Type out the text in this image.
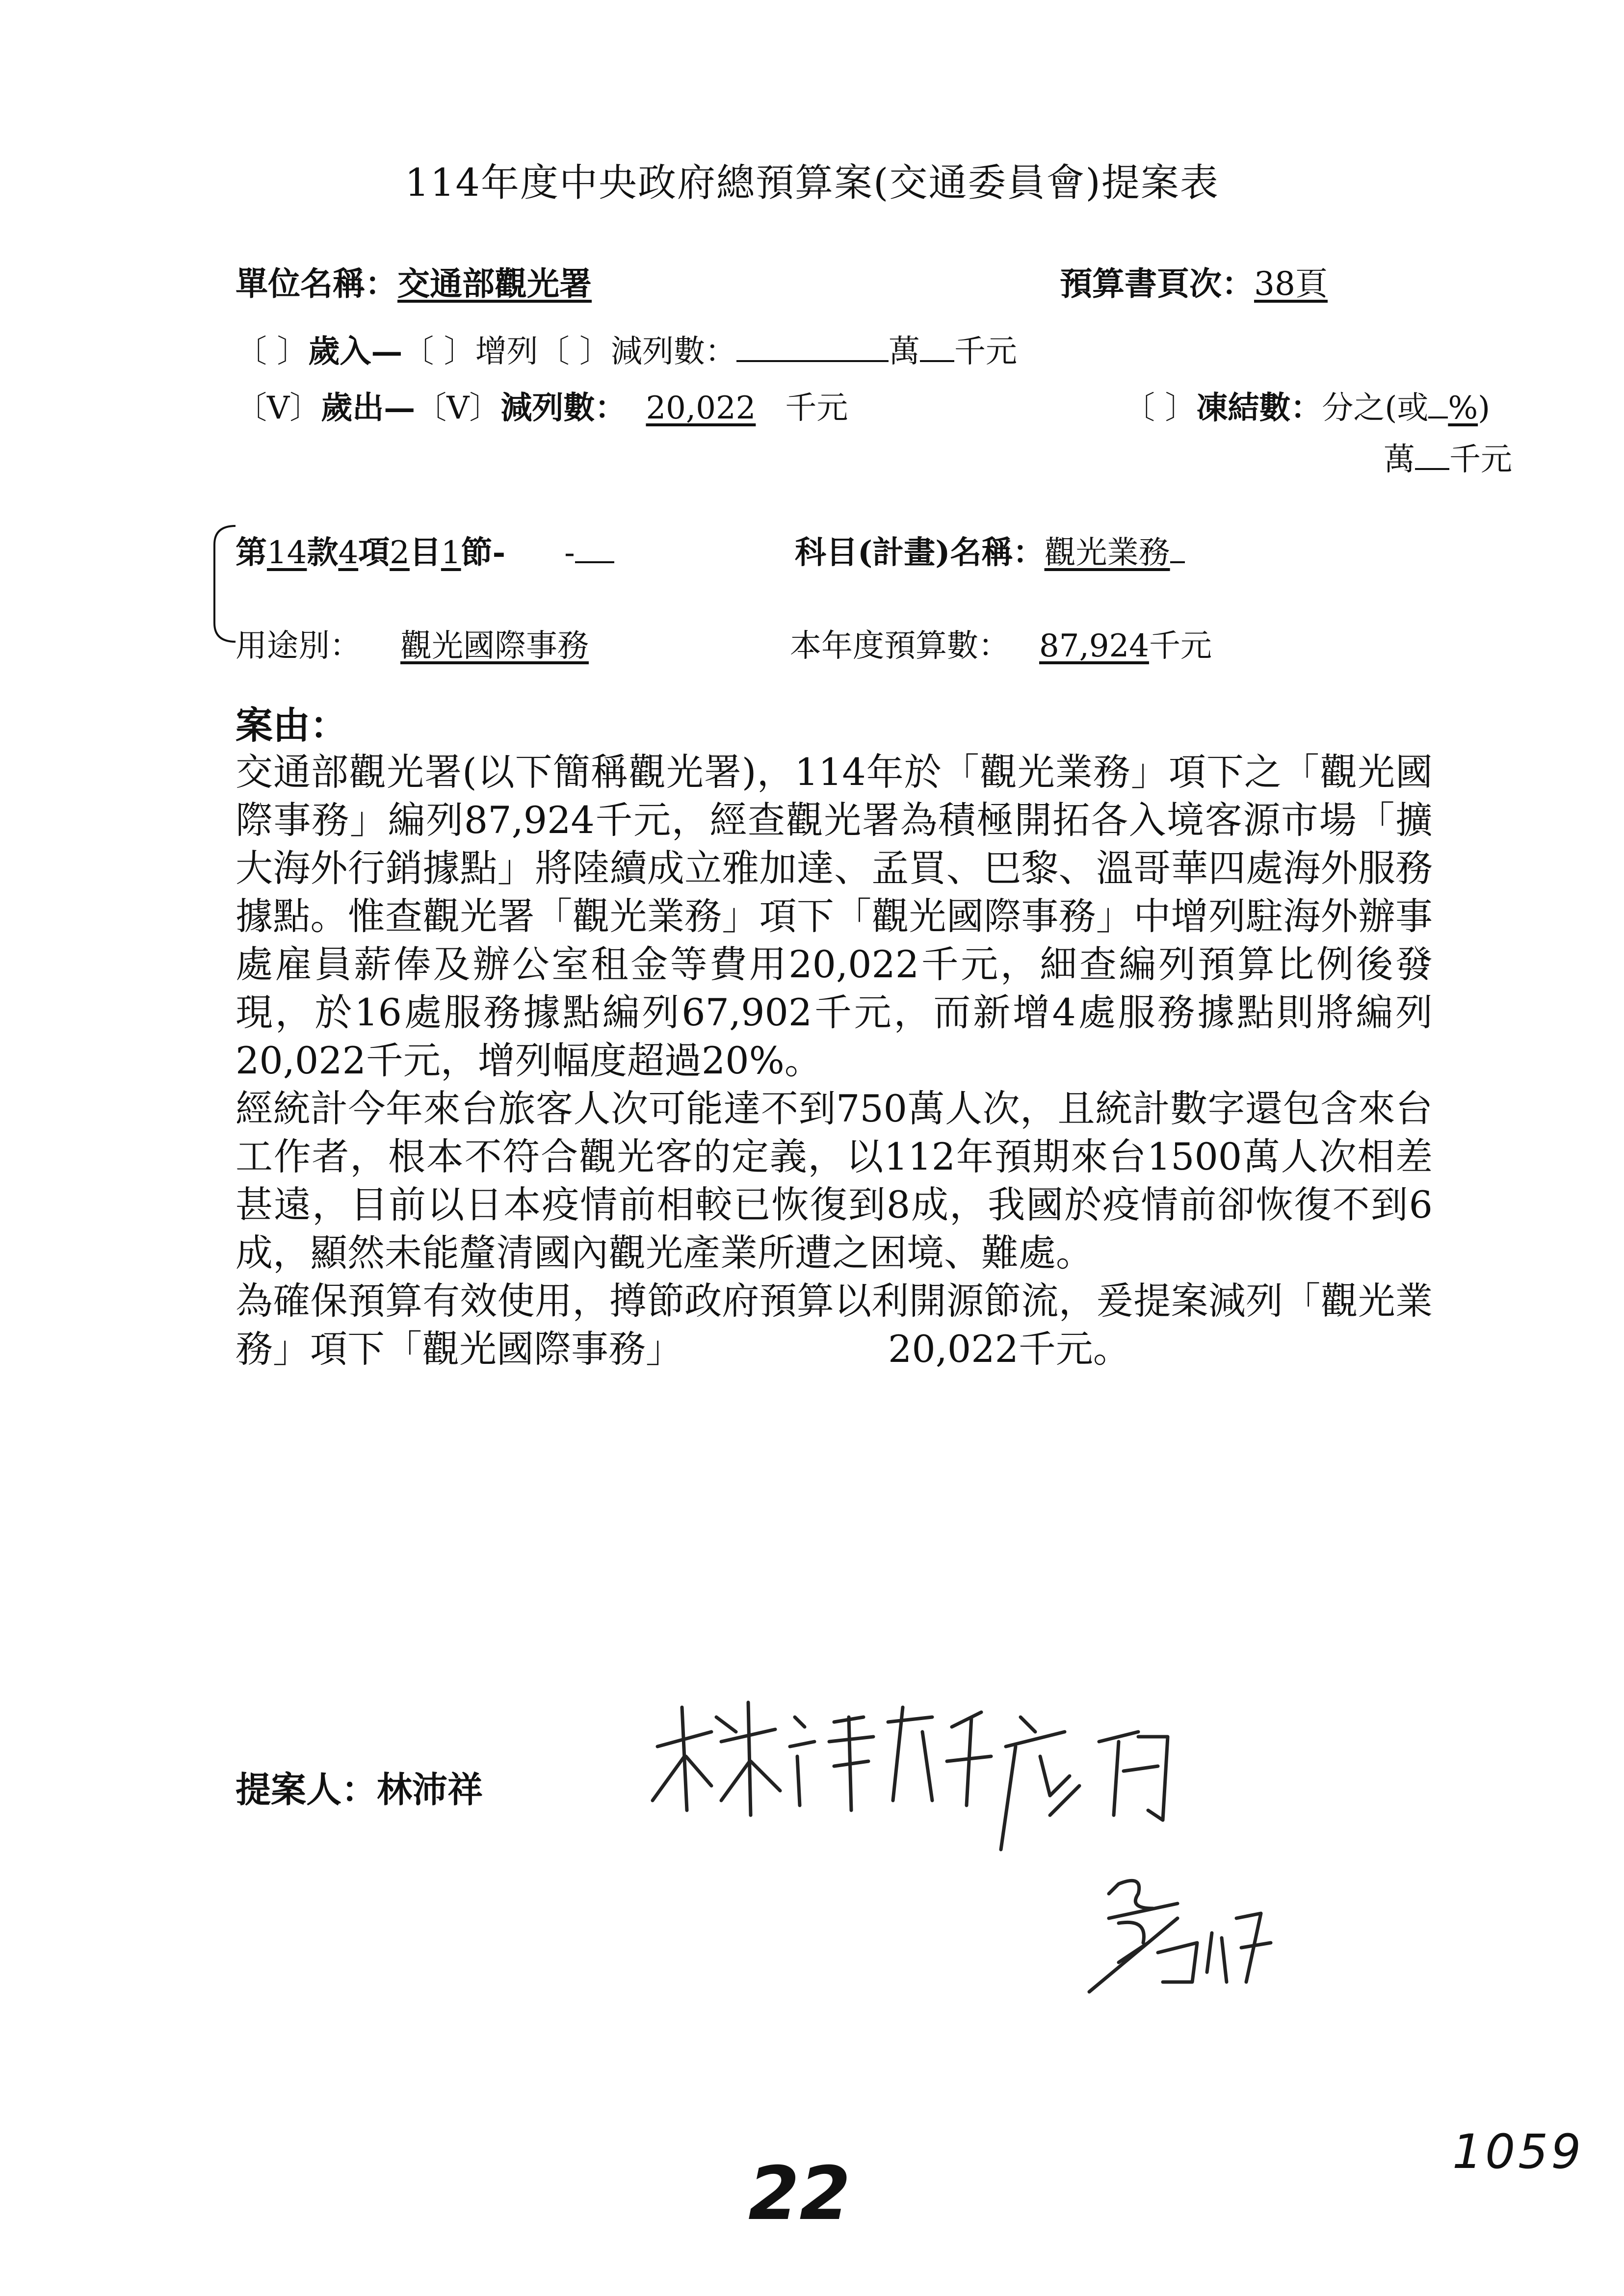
114年度中央政府總預算案(交通委員會)提案表
單位名稱：交通部觀光署	預算書頁次：38頁
〔 〕歲入—〔 〕增列〔 〕減列數：	萬 千元
〔V〕歲出—〔V〕減列數： 20,022 千元	〔 〕凍結數：分之(或 %)
萬 千元
第14款4項2目1節- -	科目(計畫)名稱：觀光業務
用途別： 觀光國際事務	本年度預算數： 87,924千元
案由：

交通部觀光署(以下簡稱觀光署)，114年於「觀光業務」項下之「觀光國際事務」編列87,924千元，經查觀光署為積極開拓各入境客源市場「擴大海外行銷據點」將陸續成立雅加達、孟買、巴黎、溫哥華四處海外服務據點。惟查觀光署「觀光業務」項下「觀光國際事務」中增列駐海外辦事處雇員薪俸及辦公室租金等費用20,022千元，細查編列預算比例後發現，於16處服務據點編列67,902千元，而新增4處服務據點則將編列20,022千元，增列幅度超過20%。

經統計今年來台旅客人次可能達不到750萬人次，且統計數字還包含來台工作者，根本不符合觀光客的定義，以112年預期來台1500萬人次相差甚遠，目前以日本疫情前相較已恢復到8成，我國於疫情前卻恢復不到6成，顯然未能釐清國內觀光產業所遭之困境、難處。

為確保預算有效使用，撙節政府預算以利開源節流，爰提案減列「觀光業務」項下「觀光國際事務」　　　　　　20,022千元。

提案人：林沛祥
22	1059
